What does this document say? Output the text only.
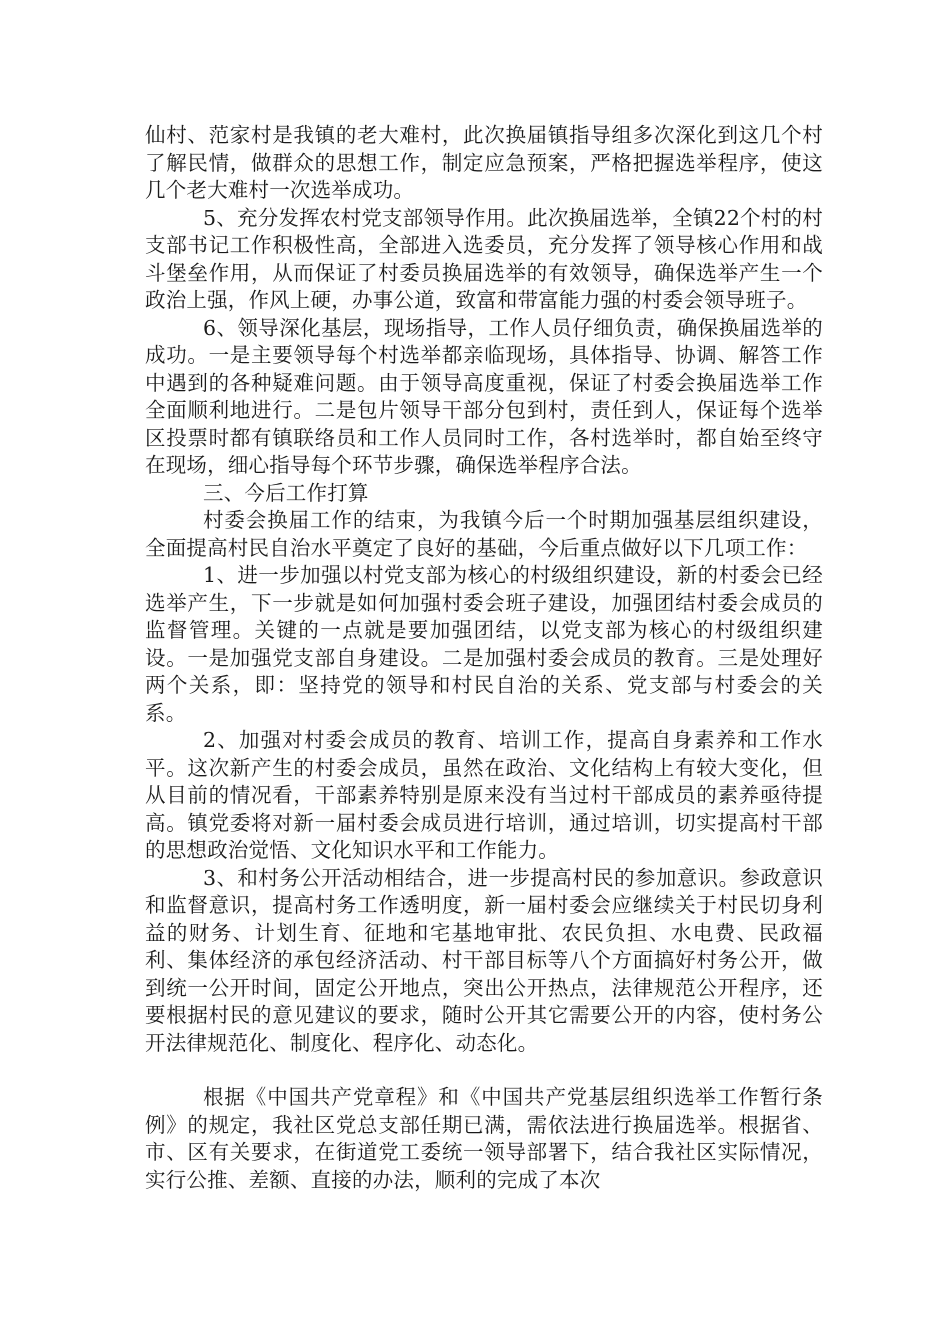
仙村、范家村是我镇的老大难村，此次换届镇指导组多次深化到这几个村了解民情，做群众的思想工作，制定应急预案，严格把握选举程序，使这几个老大难村一次选举成功。

5、充分发挥农村党支部领导作用。此次换届选举，全镇22个村的村支部书记工作积极性高，全部进入选委员，充分发挥了领导核心作用和战斗堡垒作用，从而保证了村委员换届选举的有效领导，确保选举产生一个政治上强，作风上硬，办事公道，致富和带富能力强的村委会领导班子。

6、领导深化基层，现场指导，工作人员仔细负责，确保换届选举的成功。一是主要领导每个村选举都亲临现场，具体指导、协调、解答工作中遇到的各种疑难问题。由于领导高度重视，保证了村委会换届选举工作全面顺利地进行。二是包片领导干部分包到村，责任到人，保证每个选举区投票时都有镇联络员和工作人员同时工作，各村选举时，都自始至终守在现场，细心指导每个环节步骤，确保选举程序合法。

三、今后工作打算

村委会换届工作的结束，为我镇今后一个时期加强基层组织建设，全面提高村民自治水平奠定了良好的基础，今后重点做好以下几项工作：

1、进一步加强以村党支部为核心的村级组织建设，新的村委会已经选举产生，下一步就是如何加强村委会班子建设，加强团结村委会成员的监督管理。关键的一点就是要加强团结，以党支部为核心的村级组织建设。一是加强党支部自身建设。二是加强村委会成员的教育。三是处理好两个关系，即：坚持党的领导和村民自治的关系、党支部与村委会的关系。

2、加强对村委会成员的教育、培训工作，提高自身素养和工作水平。这次新产生的村委会成员，虽然在政治、文化结构上有较大变化，但从目前的情况看，干部素养特别是原来没有当过村干部成员的素养亟待提高。镇党委将对新一届村委会成员进行培训，通过培训，切实提高村干部的思想政治觉悟、文化知识水平和工作能力。

3、和村务公开活动相结合，进一步提高村民的参加意识。参政意识和监督意识，提高村务工作透明度，新一届村委会应继续关于村民切身利益的财务、计划生育、征地和宅基地审批、农民负担、水电费、民政福利、集体经济的承包经济活动、村干部目标等八个方面搞好村务公开，做到统一公开时间，固定公开地点，突出公开热点，法律规范公开程序，还要根据村民的意见建议的要求，随时公开其它需要公开的内容，使村务公开法律规范化、制度化、程序化、动态化。

根据《中国共产党章程》和《中国共产党基层组织选举工作暂行条例》的规定，我社区党总支部任期已满，需依法进行换届选举。根据省、市、区有关要求，在街道党工委统一领导部署下，结合我社区实际情况，实行公推、差额、直接的办法，顺利的完成了本次
